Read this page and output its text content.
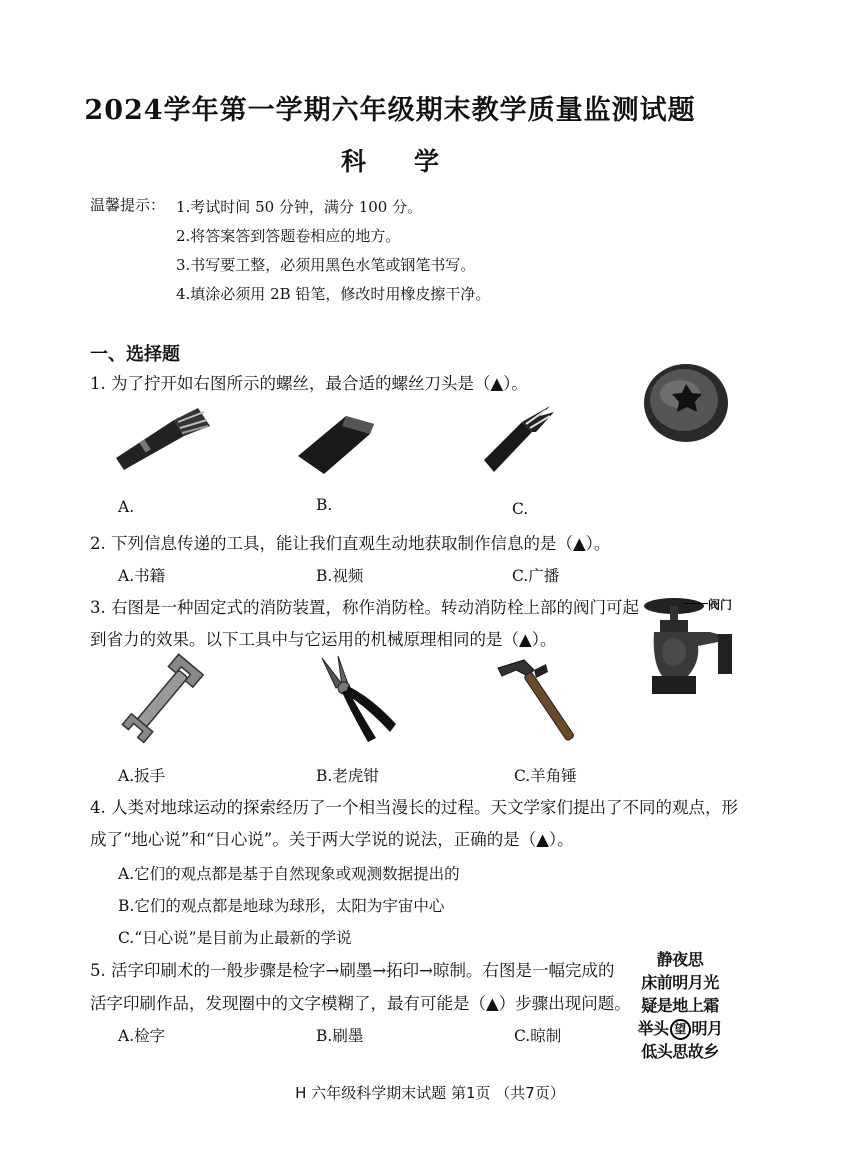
2024学年第一学期六年级期末教学质量监测试题
科学
温馨提示： 1.考试时间 50 分钟，满分 100 分。
2.将答案答到答题卷相应的地方。
3.书写要工整，必须用黑色水笔或钢笔书写。
4.填涂必须用 2B 铅笔，修改时用橡皮擦干净。
一、选择题
1. 为了拧开如右图所示的螺丝，最合适的螺丝刀头是（▲）。
A.	B.	C.
2. 下列信息传递的工具，能让我们直观生动地获取制作信息的是（▲）。
A.书籍	B.视频	C.广播
3. 右图是一种固定式的消防装置，称作消防栓。转动消防栓上部的阀门可起
到省力的效果。以下工具中与它运用的机械原理相同的是（▲）。
阀门
A.扳手	B.老虎钳	C.羊角锤
4. 人类对地球运动的探索经历了一个相当漫长的过程。天文学家们提出了不同的观点，形
成了“地心说”和“日心说”。关于两大学说的说法，正确的是（▲）。
A.它们的观点都是基于自然现象或观测数据提出的
B.它们的观点都是地球为球形，太阳为宇宙中心
C.“日心说”是目前为止最新的学说
5. 活字印刷术的一般步骤是检字→刷墨→拓印→晾制。右图是一幅完成的
活字印刷作品，发现圈中的文字模糊了，最有可能是（▲）步骤出现问题。
A.检字	B.刷墨	C.晾制
静夜思
床前明月光
疑是地上霜
举头 望 明月
低头思故乡
H 六年级科学期末试题 第1页 （共7页）
